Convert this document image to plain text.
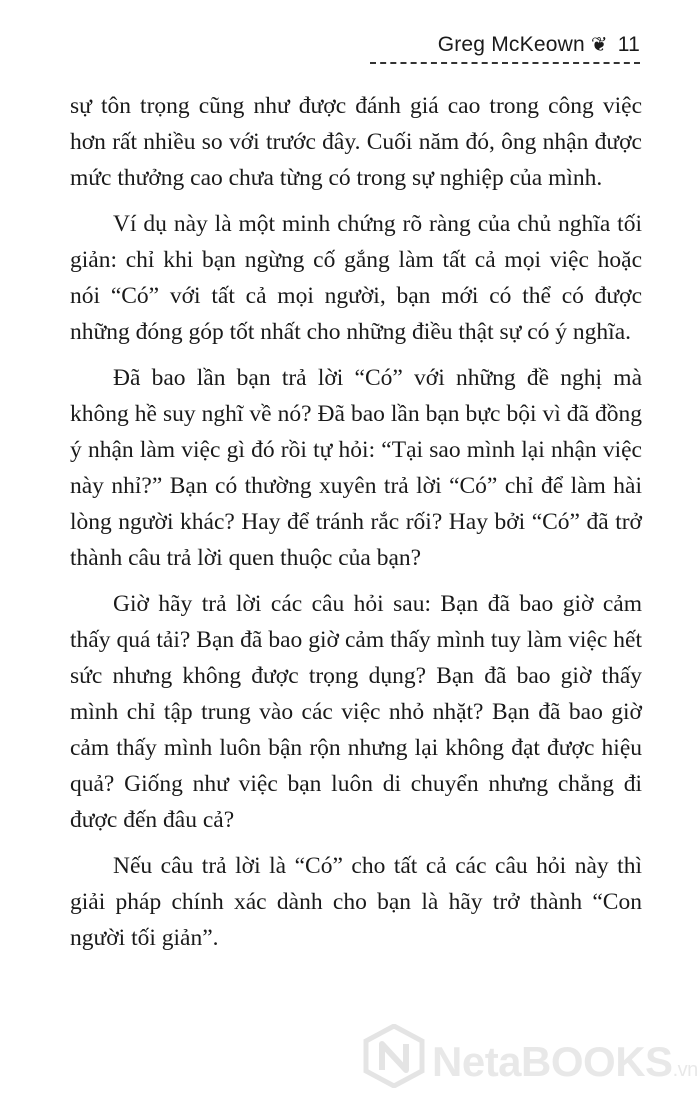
Greg McKeown ❦ 11

sự tôn trọng cũng như được đánh giá cao trong công việc hơn rất nhiều so với trước đây. Cuối năm đó, ông nhận được mức thưởng cao chưa từng có trong sự nghiệp của mình.

Ví dụ này là một minh chứng rõ ràng của chủ nghĩa tối giản: chỉ khi bạn ngừng cố gắng làm tất cả mọi việc hoặc nói “Có” với tất cả mọi người, bạn mới có thể có được những đóng góp tốt nhất cho những điều thật sự có ý nghĩa.

Đã bao lần bạn trả lời “Có” với những đề nghị mà không hề suy nghĩ về nó? Đã bao lần bạn bực bội vì đã đồng ý nhận làm việc gì đó rồi tự hỏi: “Tại sao mình lại nhận việc này nhỉ?” Bạn có thường xuyên trả lời “Có” chỉ để làm hài lòng người khác? Hay để tránh rắc rối? Hay bởi “Có” đã trở thành câu trả lời quen thuộc của bạn?

Giờ hãy trả lời các câu hỏi sau: Bạn đã bao giờ cảm thấy quá tải? Bạn đã bao giờ cảm thấy mình tuy làm việc hết sức nhưng không được trọng dụng? Bạn đã bao giờ thấy mình chỉ tập trung vào các việc nhỏ nhặt? Bạn đã bao giờ cảm thấy mình luôn bận rộn nhưng lại không đạt được hiệu quả? Giống như việc bạn luôn di chuyển nhưng chẳng đi được đến đâu cả?

Nếu câu trả lời là “Có” cho tất cả các câu hỏi này thì giải pháp chính xác dành cho bạn là hãy trở thành “Con người tối giản”.

NetaBOOKS.vn
